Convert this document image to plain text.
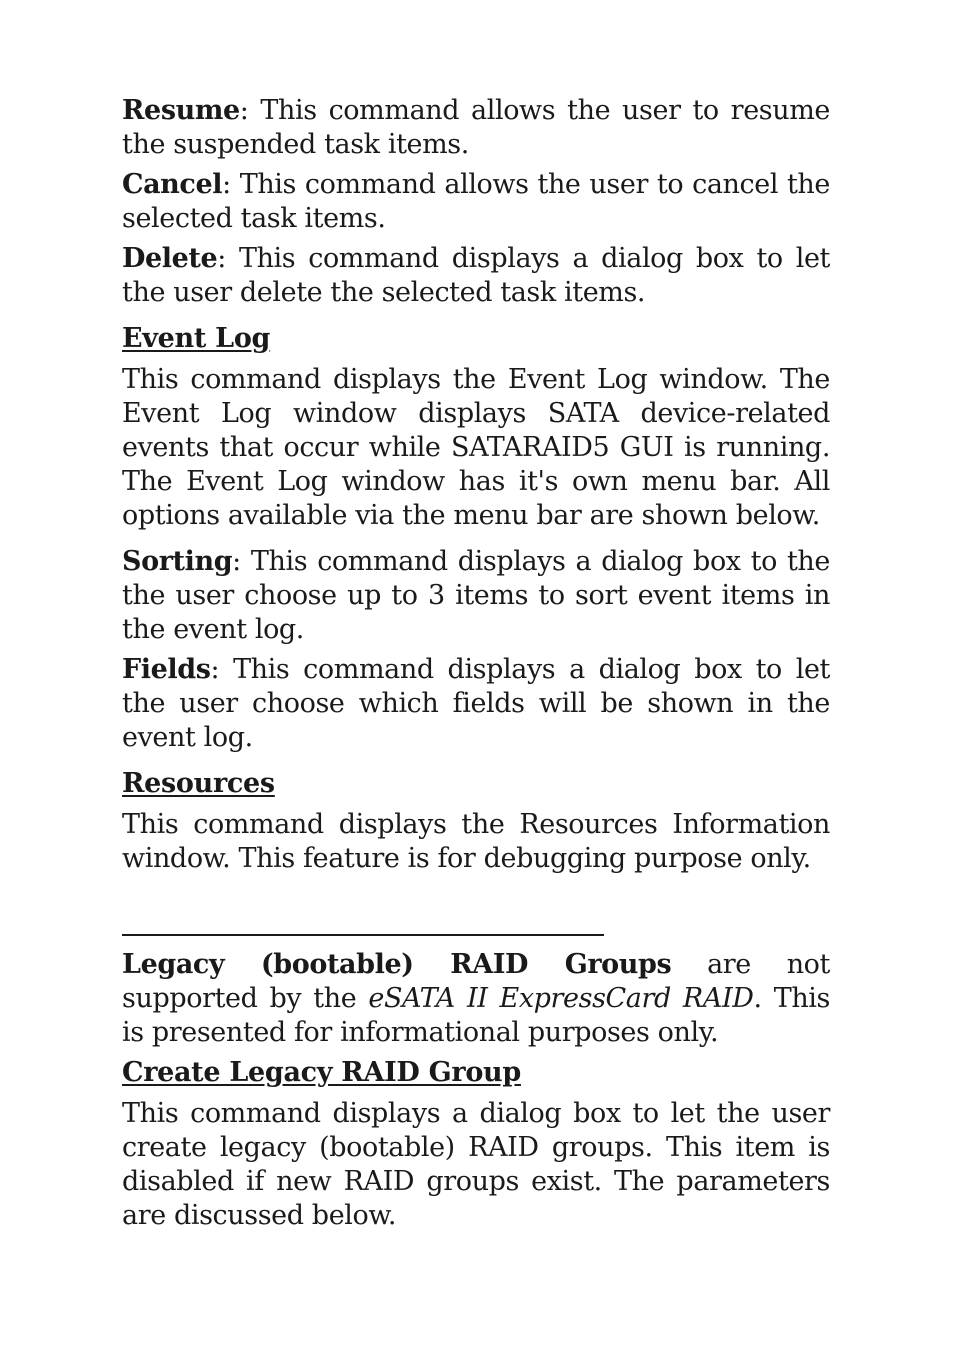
Resume: This command allows the user to resume the suspended task items.

Cancel: This command allows the user to cancel the selected task items.

Delete: This command displays a dialog box to let the user delete the selected task items.

Event Log

This command displays the Event Log window. The Event Log window displays SATA device-related events that occur while SATARAID5 GUI is running. The Event Log window has it's own menu bar. All options available via the menu bar are shown below.

Sorting: This command displays a dialog box to the the user choose up to 3 items to sort event items in the event log.

Fields: This command displays a dialog box to let the user choose which fields will be shown in the event log.

Resources

This command displays the Resources Information window. This feature is for debugging purpose only.

Legacy (bootable) RAID Groups are not supported by the eSATA II ExpressCard RAID. This is presented for informational purposes only.

Create Legacy RAID Group

This command displays a dialog box to let the user create legacy (bootable) RAID groups. This item is disabled if new RAID groups exist. The parameters are discussed below.
